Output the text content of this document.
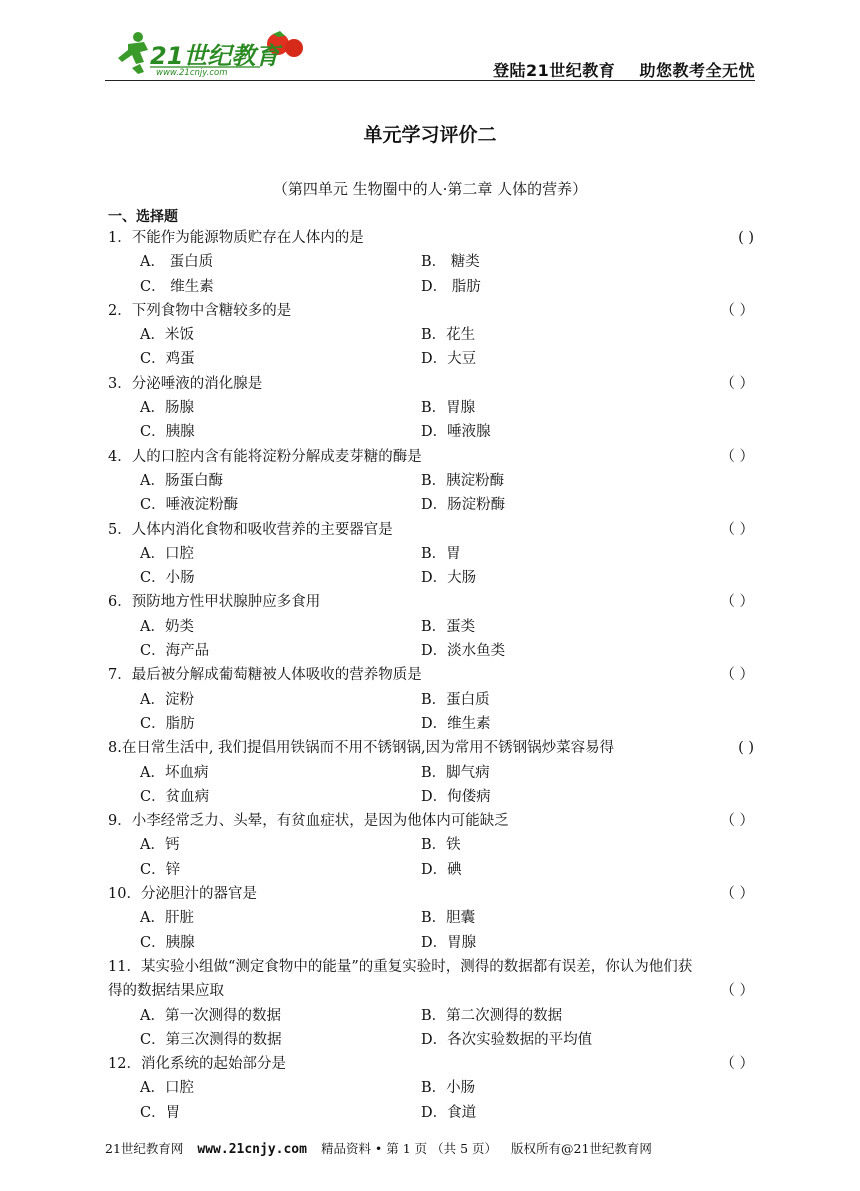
21世纪教育
www.21cnjy.com	登陆21世纪教育    助您教考全无忧
单元学习评价二
（第四单元 生物圈中的人·第二章 人体的营养）
一、选择题
1．不能作为能源物质贮存在人体内的是	( )
A． 蛋白质	B． 糖类
C． 维生素	D． 脂肪
2．下列食物中含糖较多的是	（ ）
A．米饭	B．花生
C．鸡蛋	D．大豆
3．分泌唾液的消化腺是	（ ）
A．肠腺	B．胃腺
C．胰腺	D．唾液腺
4．人的口腔内含有能将淀粉分解成麦芽糖的酶是	（ ）
A．肠蛋白酶	B．胰淀粉酶
C．唾液淀粉酶	D．肠淀粉酶
5．人体内消化食物和吸收营养的主要器官是	（ ）
A．口腔	B．胃
C．小肠	D．大肠
6．预防地方性甲状腺肿应多食用	（ ）
A．奶类	B．蛋类
C．海产品	D．淡水鱼类
7．最后被分解成葡萄糖被人体吸收的营养物质是	（ ）
A．淀粉	B．蛋白质
C．脂肪	D．维生素
8.在日常生活中, 我们提倡用铁锅而不用不锈钢锅,因为常用不锈钢锅炒菜容易得	( )
A．坏血病	B．脚气病
C．贫血病	D．佝偻病
9．小李经常乏力、头晕，有贫血症状，是因为他体内可能缺乏	（ ）
A．钙	B．铁
C．锌	D．碘
10．分泌胆汁的器官是	（ ）
A．肝脏	B．胆囊
C．胰腺	D．胃腺
11．某实验小组做“测定食物中的能量”的重复实验时，测得的数据都有误差，你认为他们获
得的数据结果应取	（ ）
A．第一次测得的数据	B．第二次测得的数据
C．第三次测得的数据	D．各次实验数据的平均值
12．消化系统的起始部分是	（ ）
A．口腔	B．小肠
C．胃	D．食道
21世纪教育网 www.21cnjy.com 精品资料 • 第 1 页 （共 5 页） 版权所有@21世纪教育网
